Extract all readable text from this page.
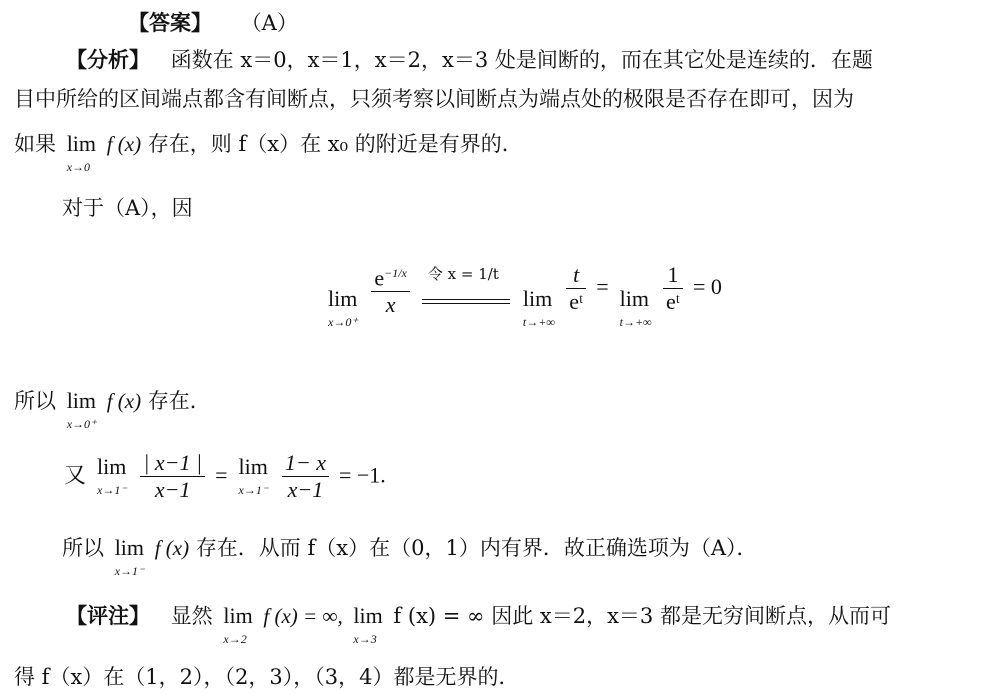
【答案】 （A）
【分析】 函数在 x＝0，x＝1，x＝2，x＝3 处是间断的，而在其它处是连续的．在题
目中所给的区间端点都含有间断点，只须考察以间断点为端点处的极限是否存在即可，因为
如果 lim
x→0
f (x) 存在，则 f（x）在 x₀ 的附近是有界的．
对于（A），因
lim
x→0⁺

$\frac{e^{-1/x}}{x}$
令 x = 1/t
lim
t→+∞

$\frac{t}{\text{eᵗ}} = \lim$
t→+∞

$\frac{1}{\text{eᵗ}} = 0$
所以 lim
x→0⁺
f (x) 存在．
又 lim
x→1⁻
$\frac{| x-1 |}{x-1} = \lim$
x→1⁻
$\frac{1- x}{x-1} = -1$.
所以 lim
x→1⁻
f (x) 存在．从而 f（x）在（0，1）内有界．故正确选项为（A）．
【评注】 显然 lim
x→2
f (x) = ∞, lim
x→3
f (x) = ∞ 因此 x＝2，x＝3 都是无穷间断点，从而可
得 f（x）在（1，2），（2，3），（3，4）都是无界的．
